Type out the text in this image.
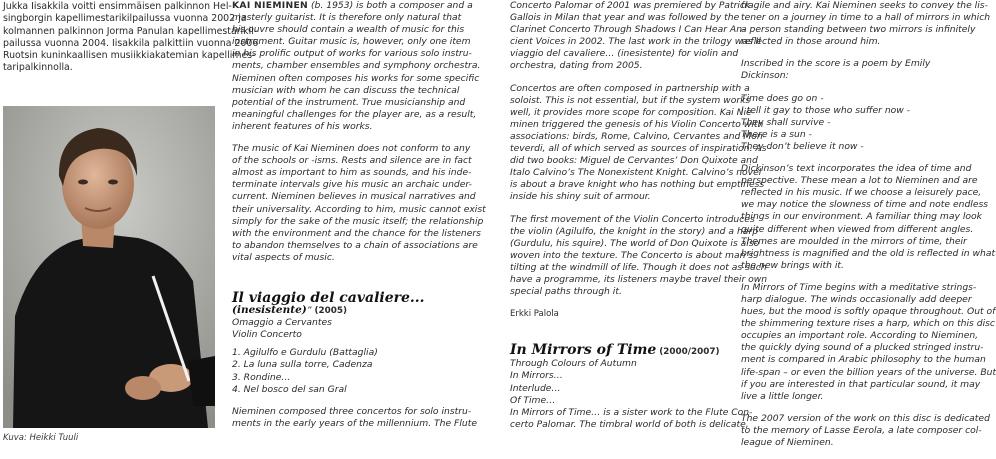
Jukka Iisakkila voitti ensimmäisen palkinnon Hel-
singborgin kapellimestarikilpailussa vuonna 2002 ja
kolmannen palkinnon Jorma Panulan kapellimestarikil-
pailussa vuonna 2004. Iisakkila palkittiin vuonna 2006
Ruotsin kuninkaallisen musiikkiakatemian kapellimes-
taripalkinnolla.
Kuva: Heikki Tuuli
KAI NIEMINEN (b. 1953) is both a composer and a
masterly guitarist. It is therefore only natural that
his ouvre should contain a wealth of music for this
instrument. Guitar music is, however, only one item
in his prolific output of works for various solo instru-
ments, chamber ensembles and symphony orchestra.
Nieminen often composes his works for some specific
musician with whom he can discuss the technical
potential of the instrument. True musicianship and
meaningful challenges for the player are, as a result,
inherent features of his works.
The music of Kai Nieminen does not conform to any
of the schools or -isms. Rests and silence are in fact
almost as important to him as sounds, and his inde-
terminate intervals give his music an archaic under-
current. Nieminen believes in musical narratives and
their universality. According to him, music cannot exist
simply for the sake of the music itself; the relationship
with the environment and the chance for the listeners
to abandon themselves to a chain of associations are
vital aspects of music.
Il viaggio del cavaliere...
(inesistente)” (2005)
Omaggio a Cervantes
Violin Concerto
1. Agilulfo e Gurdulu (Battaglia)
2. La luna sulla torre, Cadenza
3. Rondine…
4. Nel bosco del san Gral
Nieminen composed three concertos for solo instru-
ments in the early years of the millennium. The Flute
Concerto Palomar of 2001 was premiered by Patrick
Gallois in Milan that year and was followed by the
Clarinet Concerto Through Shadows I Can Hear An-
cient Voices in 2002. The last work in the trilogy was Il
viaggio del cavaliere… (inesistente) for violin and
orchestra, dating from 2005.
Concertos are often composed in partnership with a
soloist. This is not essential, but if the system works
well, it provides more scope for composition. Kai Nie-
minen triggered the genesis of his Violin Concerto with
associations: birds, Rome, Calvino, Cervantes and Mon-
teverdi, all of which served as sources of inspiration. As
did two books: Miguel de Cervantes’ Don Quixote and
Italo Calvino’s The Nonexistent Knight. Calvino’s novel
is about a brave knight who has nothing but emptiness
inside his shiny suit of armour.
The first movement of the Violin Concerto introduces
the violin (Agilulfo, the knight in the story) and a harp
(Gurdulu, his squire). The world of Don Quixote is also
woven into the texture. The Concerto is about man’s
tilting at the windmill of life. Though it does not as such
have a programme, its listeners maybe travel their own
special paths through it.
Erkki Palola
In Mirrors of Time (2000/2007)
Through Colours of Autumn
In Mirrors…
Interlude…
Of Time…
In Mirrors of Time… is a sister work to the Flute Con-
certo Palomar. The timbral world of both is delicate,
fragile and airy. Kai Nieminen seeks to convey the lis-
tener on a journey in time to a hall of mirrors in which
a person standing between two mirrors is infinitely
reflected in those around him.
Inscribed in the score is a poem by Emily Dickinson:
Time does go on -
I tell it gay to those who suffer now -
They shall survive -
There is a sun -
They don’t believe it now -
Dickinson’s text incorporates the idea of time and
perspective. These mean a lot to Nieminen and are
reflected in his music. If we choose a leisurely pace,
we may notice the slowness of time and note endless
things in our environment. A familiar thing may look
quite different when viewed from different angles.
Themes are moulded in the mirrors of time, their
brightness is magnified and the old is reflected in what
the new brings with it.
In Mirrors of Time begins with a meditative strings-
harp dialogue. The winds occasionally add deeper
hues, but the mood is softly opaque throughout. Out of
the shimmering texture rises a harp, which on this disc
occupies an important role. According to Nieminen,
the quickly dying sound of a plucked stringed instru-
ment is compared in Arabic philosophy to the human
life-span – or even the billion years of the universe. But
if you are interested in that particular sound, it may
live a little longer.
The 2007 version of the work on this disc is dedicated
to the memory of Lasse Eerola, a late composer col-
league of Nieminen.
